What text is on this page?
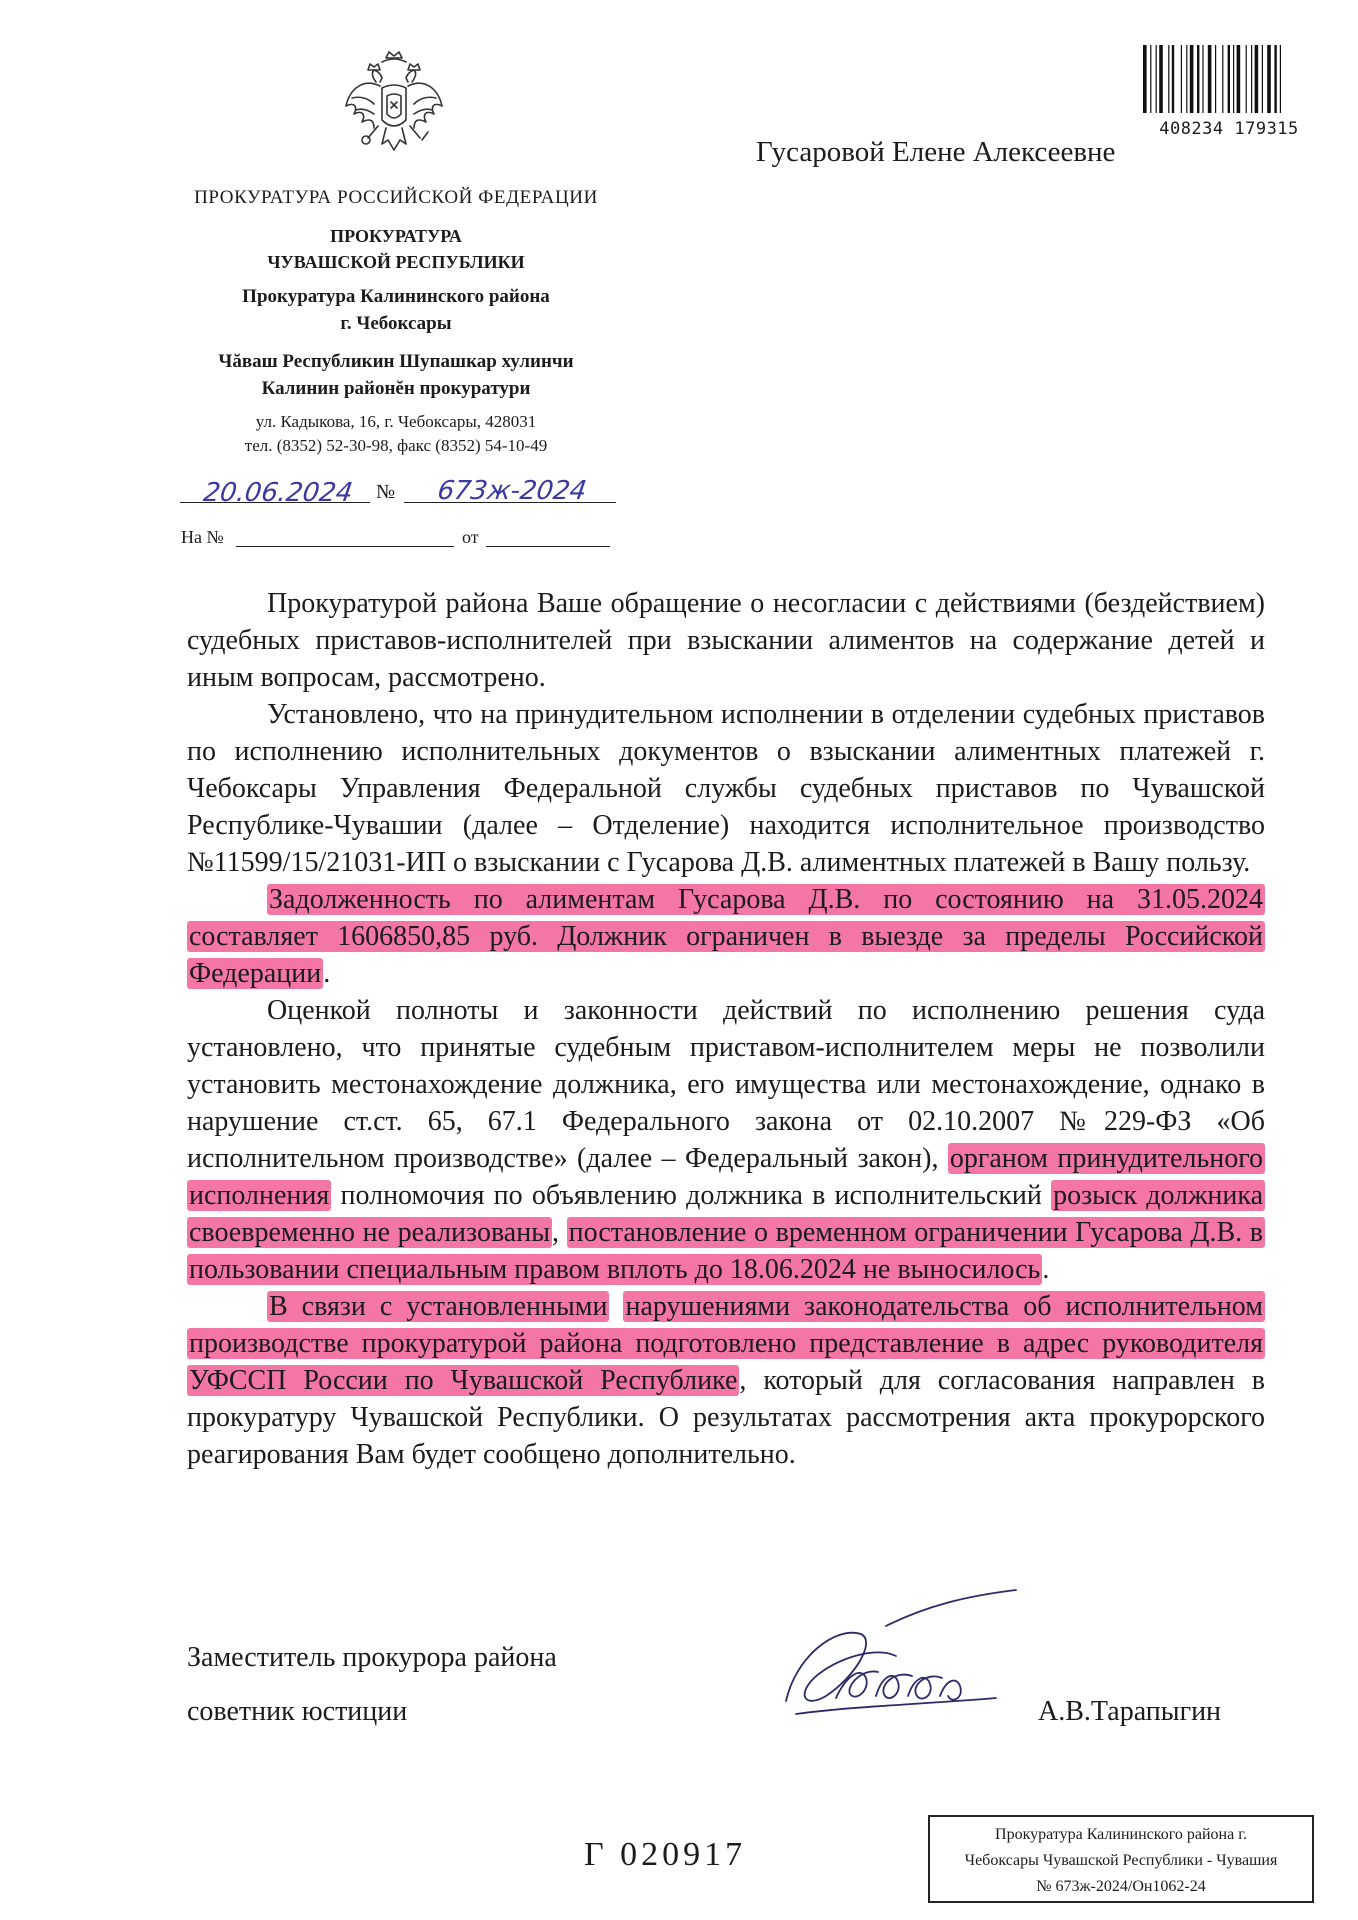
408234 179315
Гусаровой Елене Алексеевне
ПРОКУРАТУРА РОССИЙСКОЙ ФЕДЕРАЦИИ
ПРОКУРАТУРА
ЧУВАШСКОЙ РЕСПУБЛИКИ
Прокуратура Калининского района
г. Чебоксары
Чăваш Республикин Шупашкар хулинчи
Калинин районĕн прокуратури
ул. Кадыкова, 16, г. Чебоксары, 428031
тел. (8352) 52-30-98, факс (8352) 54-10-49
20.06.2024	№	673ж-2024
На №	от

Прокуратурой района Ваше обращение о несогласии с действиями (бездействием) судебных приставов-исполнителей при взыскании алиментов на содержание детей и иным вопросам, рассмотрено.

Установлено, что на принудительном исполнении в отделении судебных приставов по исполнению исполнительных документов о взыскании алиментных платежей г. Чебоксары Управления Федеральной службы судебных приставов по Чувашской Республике-Чувашии (далее – Отделение) находится исполнительное производство №11599/15/21031-ИП о взыскании с Гусарова Д.В. алиментных платежей в Вашу пользу.

Задолженность по алиментам Гусарова Д.В. по состоянию на 31.05.2024 составляет 1606850,85 руб. Должник ограничен в выезде за пределы Российской Федерации.

Оценкой полноты и законности действий по исполнению решения суда установлено, что принятые судебным приставом-исполнителем меры не позволили установить местонахождение должника, его имущества или местонахождение, однако в нарушение ст.ст. 65, 67.1 Федерального закона от 02.10.2007 №229-ФЗ «Об исполнительном производстве» (далее – Федеральный закон), органом принудительного исполнения полномочия по объявлению должника в исполнительский розыск должника своевременно не реализованы, постановление о временном ограничении Гусарова Д.В. в пользовании специальным правом вплоть до 18.06.2024 не выносилось.

В связи с установленными нарушениями законодательства об исполнительном производстве прокуратурой района подготовлено представление в адрес руководителя УФССП России по Чувашской Республике, который для согласования направлен в прокуратуру Чувашской Республики. О результатах рассмотрения акта прокурорского реагирования Вам будет сообщено дополнительно.

Заместитель прокурора района
советник юстиции	А.В.Тарапыгин
Г 020917
Прокуратура Калининского района г.
Чебоксары Чувашской Республики - Чувашия
№ 673ж-2024/Он1062-24
